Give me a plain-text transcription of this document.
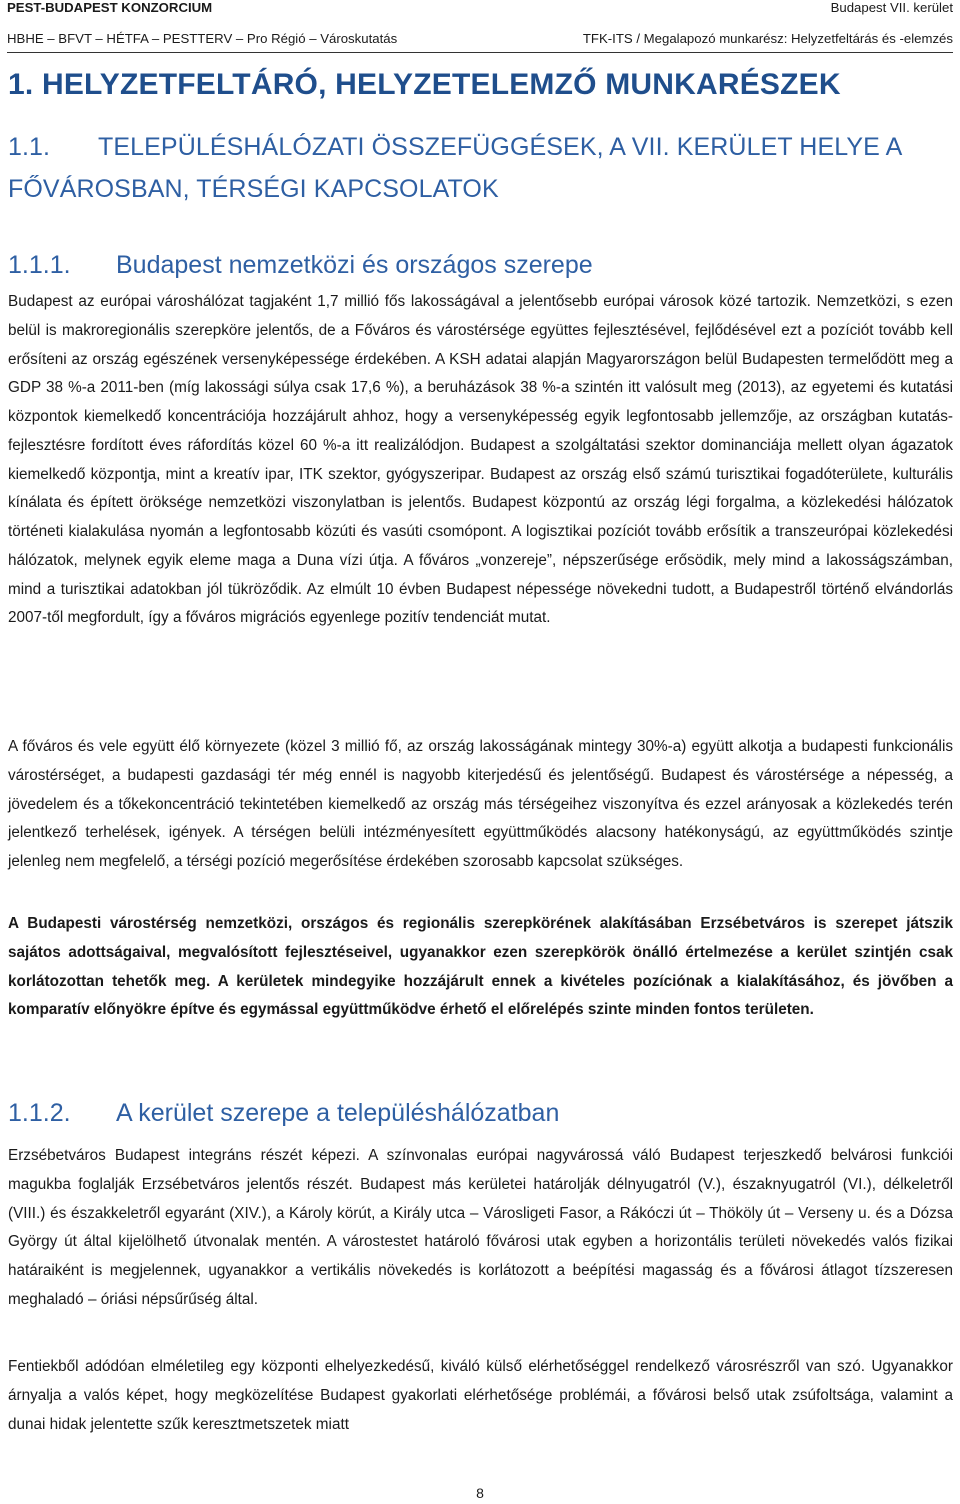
PEST-BUDAPEST KONZORCIUM	Budapest VII. kerület
HBHE – BFVT – HÉTFA – PESTTERV – Pro Régió – Városkutatás	TFK-ITS / Megalapozó munkarész: Helyzetfeltárás és -elemzés
1. HELYZETFELTÁRÓ, HELYZETELEMZŐ MUNKARÉSZEK
1.1. TELEPÜLÉSHÁLÓZATI ÖSSZEFÜGGÉSEK, A VII. KERÜLET HELYE A FŐVÁROSBAN, TÉRSÉGI KAPCSOLATOK
1.1.1. Budapest nemzetközi és országos szerepe
Budapest az európai városhálózat tagjaként 1,7 millió fős lakosságával a jelentősebb európai városok közé tartozik. Nemzetközi, s ezen belül is makroregionális szerepköre jelentős, de a Főváros és várostérsége együttes fejlesztésével, fejlődésével ezt a pozíciót tovább kell erősíteni az ország egészének versenyképessége érdekében. A KSH adatai alapján Magyarországon belül Budapesten termelődött meg a GDP 38 %-a 2011-ben (míg lakossági súlya csak 17,6 %), a beruházások 38 %-a szintén itt valósult meg (2013), az egyetemi és kutatási központok kiemelkedő koncentrációja hozzájárult ahhoz, hogy a versenyképesség egyik legfontosabb jellemzője, az országban kutatás-fejlesztésre fordított éves ráfordítás közel 60 %-a itt realizálódjon. Budapest a szolgáltatási szektor dominanciája mellett olyan ágazatok kiemelkedő központja, mint a kreatív ipar, ITK szektor, gyógyszeripar. Budapest az ország első számú turisztikai fogadóterülete, kulturális kínálata és épített öröksége nemzetközi viszonylatban is jelentős. Budapest központú az ország légi forgalma, a közlekedési hálózatok történeti kialakulása nyomán a legfontosabb közúti és vasúti csomópont. A logisztikai pozíciót tovább erősítik a transzeurópai közlekedési hálózatok, melynek egyik eleme maga a Duna vízi útja. A főváros „vonzereje”, népszerűsége erősödik, mely mind a lakosságszámban, mind a turisztikai adatokban jól tükröződik. Az elmúlt 10 évben Budapest népessége növekedni tudott, a Budapestről történő elvándorlás 2007-től megfordult, így a főváros migrációs egyenlege pozitív tendenciát mutat.
A főváros és vele együtt élő környezete (közel 3 millió fő, az ország lakosságának mintegy 30%-a) együtt alkotja a budapesti funkcionális várostérséget, a budapesti gazdasági tér még ennél is nagyobb kiterjedésű és jelentőségű. Budapest és várostérsége a népesség, a jövedelem és a tőkekoncentráció tekintetében kiemelkedő az ország más térségeihez viszonyítva és ezzel arányosak a közlekedés terén jelentkező terhelések, igények. A térségen belüli intézményesített együttműködés alacsony hatékonyságú, az együttműködés szintje jelenleg nem megfelelő, a térségi pozíció megerősítése érdekében szorosabb kapcsolat szükséges.
A Budapesti várostérség nemzetközi, országos és regionális szerepkörének alakításában Erzsébetváros is szerepet játszik sajátos adottságaival, megvalósított fejlesztéseivel, ugyanakkor ezen szerepkörök önálló értelmezése a kerület szintjén csak korlátozottan tehetők meg. A kerületek mindegyike hozzájárult ennek a kivételes pozíciónak a kialakításához, és jövőben a komparatív előnyökre építve és egymással együttműködve érhető el előrelépés szinte minden fontos területen.
1.1.2. A kerület szerepe a településhálózatban
Erzsébetváros Budapest integráns részét képezi. A színvonalas európai nagyvárossá váló Budapest terjeszkedő belvárosi funkciói magukba foglalják Erzsébetváros jelentős részét. Budapest más kerületei határolják délnyugatról (V.), északnyugatról (VI.), délkeletről (VIII.) és északkeletről egyaránt (XIV.), a Károly körút, a Király utca – Városligeti Fasor, a Rákóczi út – Thököly út – Verseny u. és a Dózsa György út által kijelölhető útvonalak mentén. A várostestet határoló fővárosi utak egyben a horizontális területi növekedés valós fizikai határaiként is megjelennek, ugyanakkor a vertikális növekedés is korlátozott a beépítési magasság és a fővárosi átlagot tízszeresen meghaladó – óriási népsűrűség által.
Fentiekből adódóan elméletileg egy központi elhelyezkedésű, kiváló külső elérhetőséggel rendelkező városrészről van szó. Ugyanakkor árnyalja a valós képet, hogy megközelítése Budapest gyakorlati elérhetősége problémái, a fővárosi belső utak zsúfoltsága, valamint a dunai hidak jelentette szűk keresztmetszetek miatt
8
